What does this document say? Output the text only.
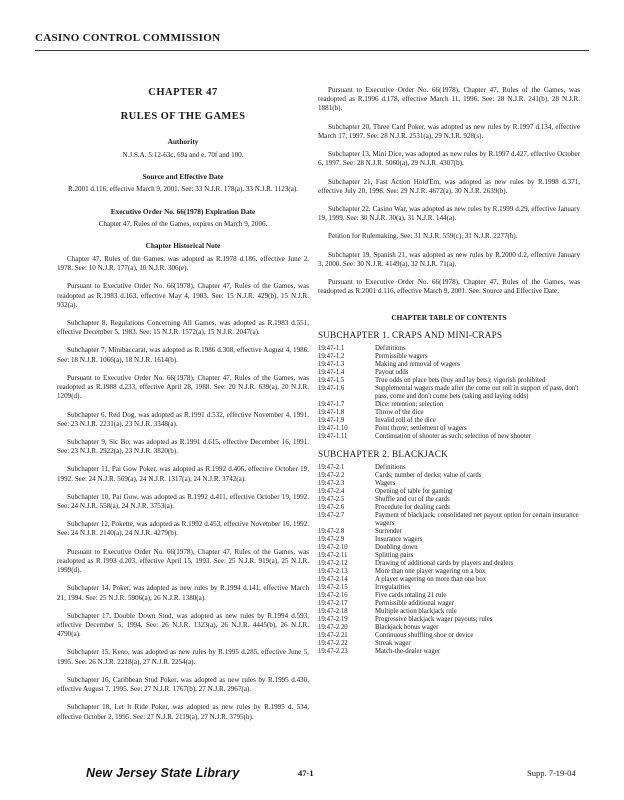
CASINO CONTROL COMMISSION
CHAPTER 47
RULES OF THE GAMES
Authority

N.J.S.A. 5:12-63c, 69a and e, 70f and 100.

Source and Effective Date

R.2001 d.116, effective March 9, 2001. See: 33 N.J.R. 178(a), 33 N.J.R. 1123(a).

Executive Order No. 66(1978) Expiration Date

Chapter 47, Rules of the Games, expires on March 9, 2006.

Chapter Historical Note

Chapter 47, Rules of the Games, was adopted as R.1978 d.186, effective June 2, 1978. See: 10 N.J.R. 177(a), 10 N.J.R. 306(e).

Pursuant to Executive Order No. 66(1978), Chapter 47, Rules of the Games, was readopted as R.1983 d.163, effective May 4, 1983. See: 15 N.J.R. 429(b), 15 N.J.R. 932(a).

Subchapter 8, Regulations Concerning All Games, was adopted as R.1983 d.551, effective December 5, 1983. See: 15 N.J.R. 1572(a), 15 N.J.R. 2047(a).

Subchapter 7, Minibaccarat, was adopted as R.1986 d.308, effective August 4, 1986. See: 18 N.J.R. 1066(a), 18 N.J.R. 1614(b).

Pursuant to Executive Order No. 66(1978), Chapter 47, Rules of the Games, was readopted as R.1988 d.233, effective April 28, 1988. See: 20 N.J.R. 639(a), 20 N.J.R. 1209(d).

Subchapter 6, Red Dog, was adopted as R.1991 d.532, effective November 4, 1991. See: 23 N.J.R. 2231(a), 23 N.J.R. 3348(a).

Subchapter 9, Sic Bo, was adopted as R.1991 d.615, effective December 16, 1991. See: 23 N.J.R. 2922(a), 23 N.J.R. 3820(b).

Subchapter 11, Pai Gow Poker, was adopted as R.1992 d.406, effective October 19, 1992. See: 24 N.J.R. 569(a), 24 N.J.R. 1317(a), 24 N.J.R. 3742(a).

Subchapter 10, Pai Gow, was adopted as R.1992 d.411, effective October 19, 1992. See: 24 N.J.R. 558(a), 24 N.J.R. 3753(a).

Subchapter 12, Pokette, was adopted as R.1992 d.453, effective November 16, 1992. See: 24 N.J.R. 2140(a), 24 N.J.R. 4279(b).

Pursuant to Executive Order No. 66(1978), Chapter 47, Rules of the Games, was readopted as R.1993 d.203, effective April 15, 1993. See: 25 N.J.R. 919(a), 25 N.J.R. 1999(d).

Subchapter 14, Poker, was adopted as new rules by R.1994 d.141, effective March 21, 1994. See: 25 N.J.R. 5906(a), 26 N.J.R. 1380(a).

Subchapter 17, Double Down Stud, was adopted as new rules by R.1994 d.593, effective December 5, 1994. See: 26 N.J.R. 1323(a), 26 N.J.R. 4445(b), 26 N.J.R. 4790(a).

Subchapter 15, Keno, was adopted as new rules by R.1995 d.285, effective June 5, 1995. See: 26 N.J.R. 2218(a), 27 N.J.R. 2254(a).

Subchapter 16, Caribbean Stud Poker, was adopted as new rules by R.1995 d.430, effective August 7, 1995. See: 27 N.J.R. 1767(b), 27 N.J.R. 2967(a).

Subchapter 18, Let It Ride Poker, was adopted as new rules by R.1995 d. 534, effective October 2, 1995. See: 27 N.J.R. 2119(a), 27 N.J.R. 3795(b).

Pursuant to Executive Order No. 66(1978), Chapter 47, Rules of the Games, was readopted as R.1996 d.178, effective March 11, 1996. See: 28 N.J.R. 241(b), 28 N.J.R. 1881(b).

Subchapter 20, Three Card Poker, was adopted as new rules by R.1997 d.134, effective March 17, 1997. See: 28 N.J.R. 2531(a), 29 N.J.R. 928(s).

Subchapter 13, Mini Dice, was adopted as new rules by R.1997 d.427, effective October 6, 1997. See: 28 N.J.R. 5060(a), 29 N.J.R. 4307(b).

Subchapter 21, Fast Action Hold'Em, was adopted as new rules by R.1998 d.371, effective July 20, 1998. See: 29 N.J.R. 4672(a), 30 N.J.R. 2639(b).

Subchapter 22, Casino War, was adopted as new rules by R.1999 d.29, effective January 19, 1999. See: 30 N.J.R. 30(a), 31 N.J.R. 144(a).

Petition for Rulemaking. See: 31 N.J.R. 559(c), 31 N.J.R. 2277(b).

Subchapter 19, Spanish 21, was adopted as new rules by R.2000 d.2, effective January 3, 2000. See: 30 N.J.R. 4149(a), 32 N.J.R. 71(a).

Pursuant to Executive Order No. 66(1978), Chapter 47, Rules of the Games, was readopted as R.2001 d.116, effective March 9, 2001. See: Source and Effective Date.

CHAPTER TABLE OF CONTENTS
SUBCHAPTER 1. CRAPS AND MINI-CRAPS
19:47-1.1	Definitions
19:47-1.2	Permissible wagers
19:47-1.3	Making and removal of wagers
19:47-1.4	Payout odds
19:47-1.5	True odds on place bets (buy and lay bets); vigorish prohibited
19:47-1.6	Supplemental wagers made after the come out roll in support of pass, don't pass, come and don't come bets (taking and laying odds)
19:47-1.7	Dice: retention; selection
19:47-1.8	Throw of the dice
19:47-1.9	Invalid roll of the dice
19:47-1.10	Point throw; settlement of wagers
19:47-1.11	Continuation of shooter as such; selection of new shooter
SUBCHAPTER 2. BLACKJACK
19:47-2.1	Definitions
19:47-2.2	Cards; number of decks; value of cards
19:47-2.3	Wagers
19:47-2.4	Opening of table for gaming
19:47-2.5	Shuffle and cut of the cards
19:47-2.6	Procedure for dealing cards
19:47-2.7	Payment of blackjack; consolidated net payout option for certain insurance wagers
19:47-2.8	Surrender
19:47-2.9	Insurance wagers
19:47-2.10	Doubling down
19:47-2.11	Splitting pairs
19:47-2.12	Drawing of additional cards by players and dealers
19:47-2.13	More than one player wagering on a box
19:47-2.14	A player wagering on more than one box
19:47-2.15	Irregularities
19:47-2.16	Five cards totaling 21 rule
19:47-2.17	Permissible additional wager
19:47-2.18	Multiple action blackjack rule
19:47-2.19	Progressive blackjack wager payouts; rules
19:47-2.20	Blackjack bonus wager
19:47-2.21	Continuous shuffling shoe or device
19:47-2.22	Streak wager
19:47-2.23	Match-the-dealer wager
New Jersey State Library	47-1	Supp. 7-19-04
